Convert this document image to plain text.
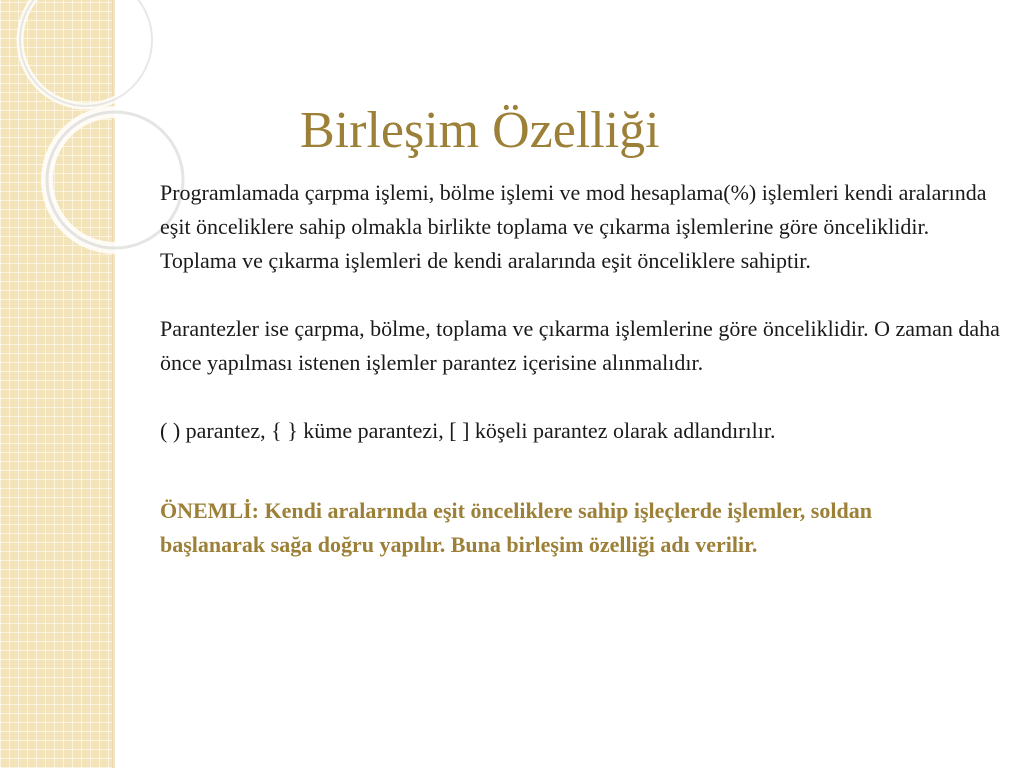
Birleşim Özelliği

Programlamada çarpma işlemi, bölme işlemi ve mod hesaplama(%) işlemleri kendi aralarında eşit önceliklere sahip olmakla birlikte toplama ve çıkarma işlemlerine göre önceliklidir.

Toplama ve çıkarma işlemleri de kendi aralarında eşit önceliklere sahiptir.

Parantezler ise çarpma, bölme, toplama ve çıkarma işlemlerine göre önceliklidir. O zaman daha önce yapılması istenen işlemler parantez içerisine alınmalıdır.

( ) parantez, { } küme parantezi, [ ] köşeli parantez olarak adlandırılır.

ÖNEMLİ: Kendi aralarında eşit önceliklere sahip işleçlerde işlemler, soldan

başlanarak sağa doğru yapılır. Buna birleşim özelliği adı verilir.
